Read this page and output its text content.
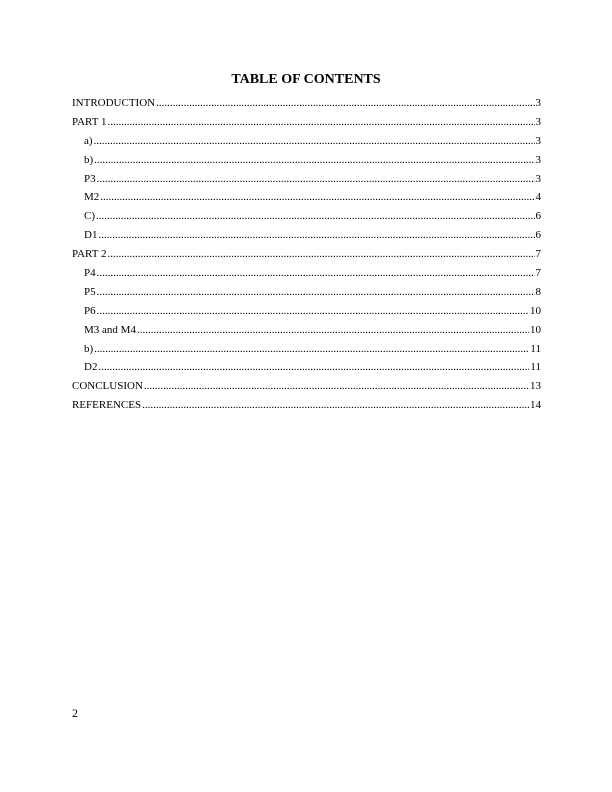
TABLE OF CONTENTS
INTRODUCTION .....	3
PART 1 .....	3
a) .....	3
b) .....	3
P3 .....	3
M2 .....	4
C) .....	6
D1 .....	6
PART 2 .....	7
P4 .....	7
P5 .....	8
P6 .....	10
M3 and M4 .....	10
b) .....	11
D2 .....	11
CONCLUSION .....	13
REFERENCES .....	14
2
